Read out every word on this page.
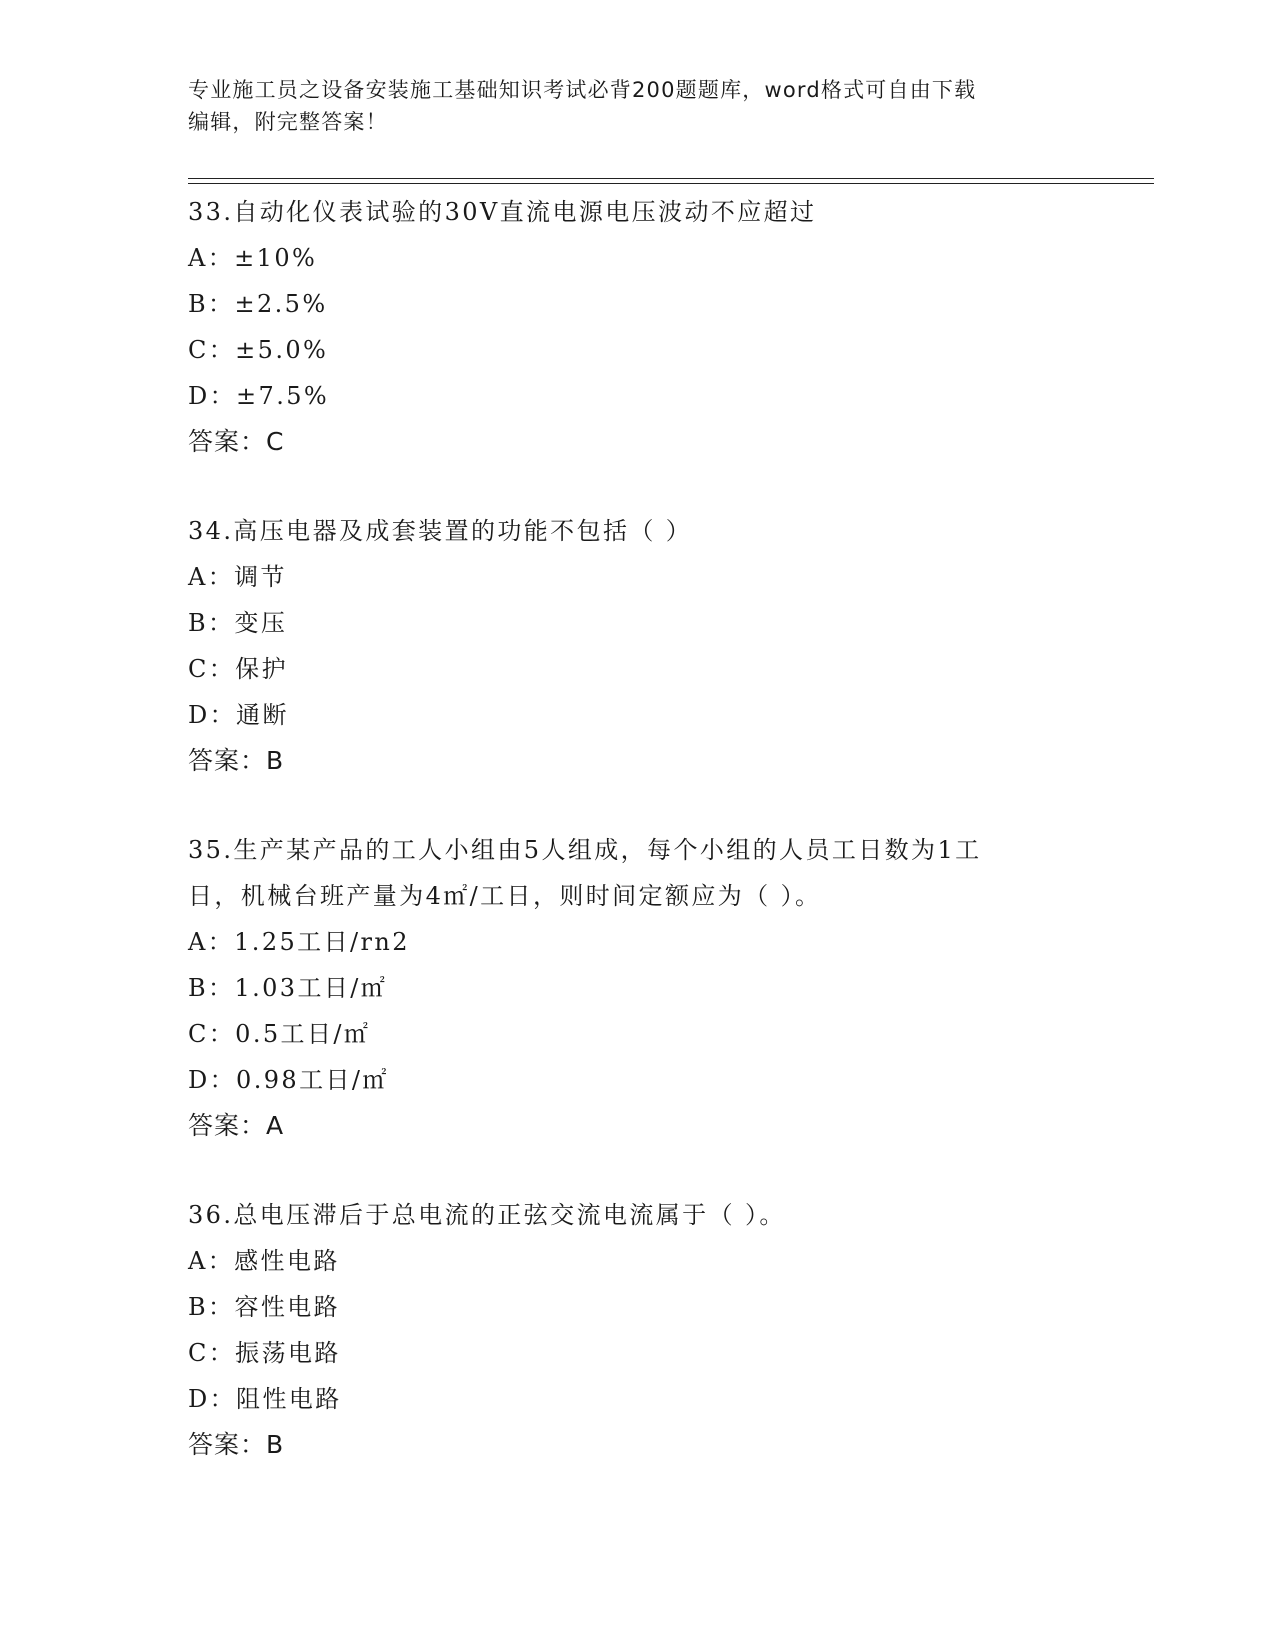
专业施工员之设备安装施工基础知识考试必背200题题库，word格式可自由下载
编辑，附完整答案！

33.自动化仪表试验的30V直流电源电压波动不应超过

A：±10%

B：±2.5%

C：±5.0%

D：±7.5%

答案：C

34.高压电器及成套装置的功能不包括（ ）

A：调节

B：变压

C：保护

D：通断

答案：B

35.生产某产品的工人小组由5人组成，每个小组的人员工日数为1工

日，机械台班产量为4㎡/工日，则时间定额应为（ ）。

A：1.25工日/rn2

B：1.03工日/㎡

C：0.5工日/㎡

D：0.98工日/㎡

答案：A

36.总电压滞后于总电流的正弦交流电流属于（ ）。

A：感性电路

B：容性电路

C：振荡电路

D：阻性电路

答案：B
